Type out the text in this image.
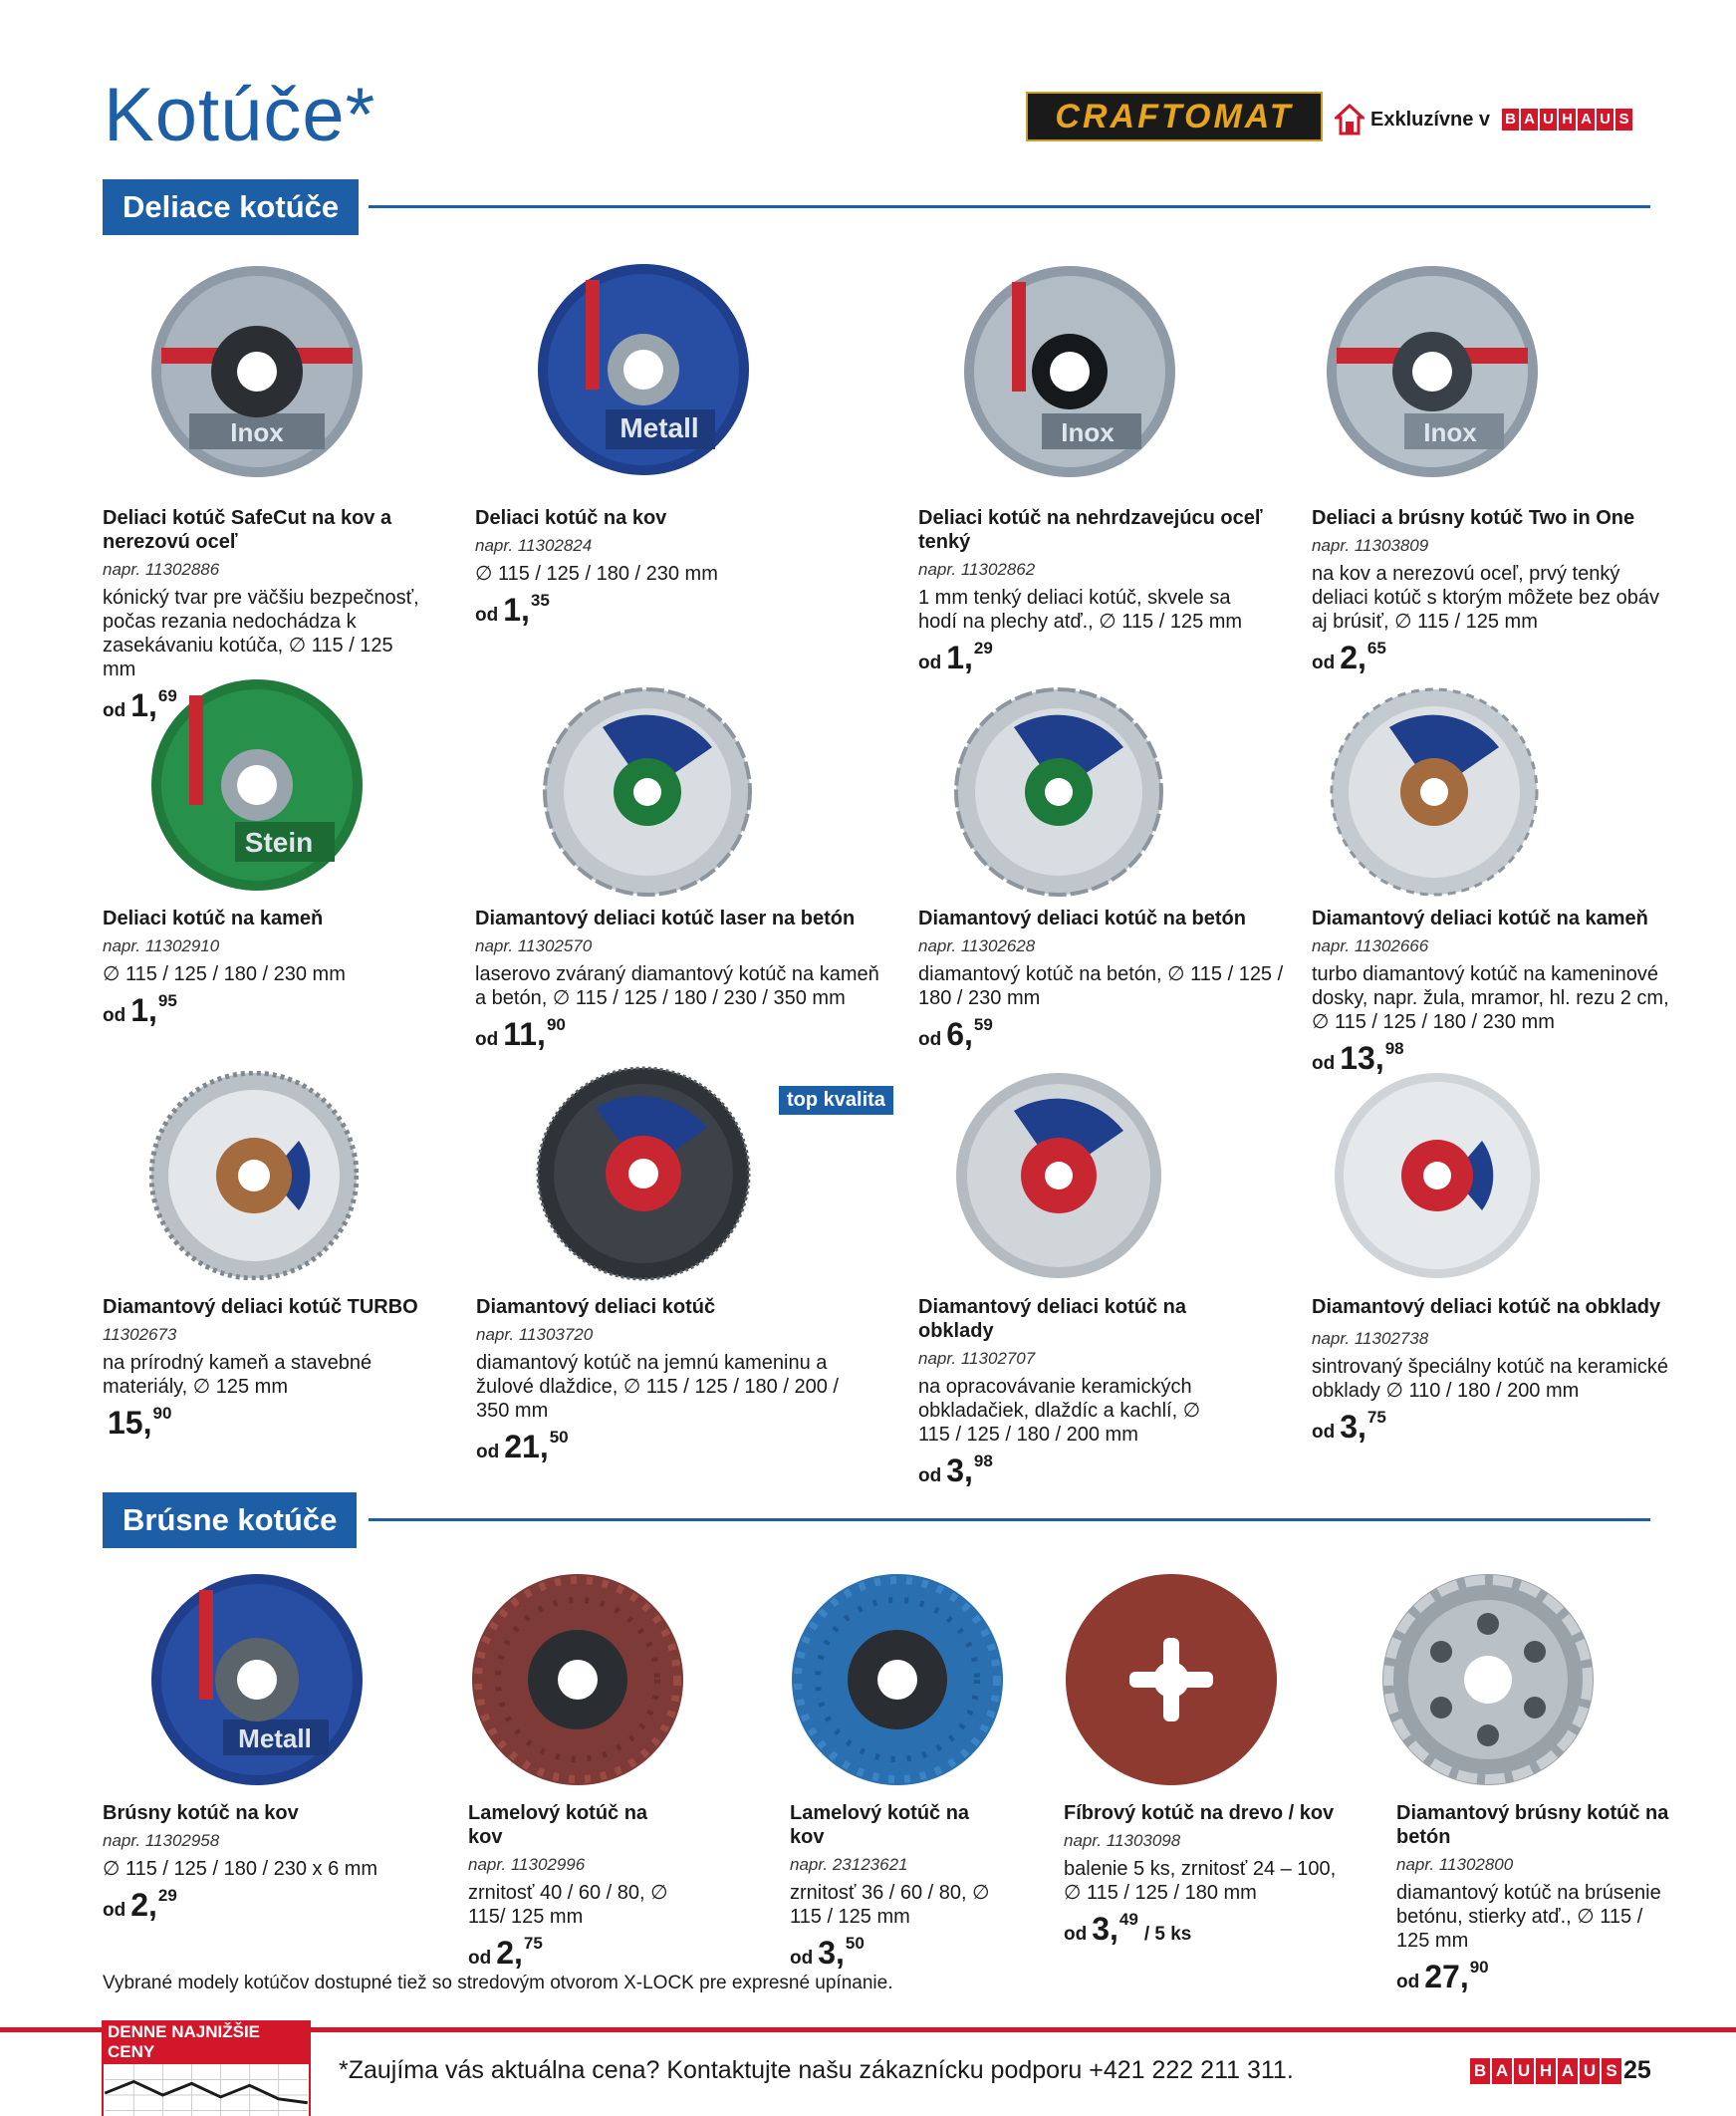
Kotúče*	CRAFTOMAT	Exkluzívne v B A U H A U S
Deliace kotúče
Inox	Metall	Inox	Inox
Stein
top kvalita
Deliaci kotúč SafeCut na kov a nerezovú oceľ
napr. 11302886
kónický tvar pre väčšiu bezpečnosť, počas rezania nedochádza k zasekávaniu kotúča, ∅ 115 / 125 mm
od 1, 69
Deliaci kotúč na kov
napr. 11302824
∅ 115 / 125 / 180 / 230 mm
od 1, 35
Deliaci kotúč na nehrdzavejúcu oceľ tenký
napr. 11302862
1 mm tenký deliaci kotúč, skvele sa hodí na plechy atď., ∅ 115 / 125 mm
od 1, 29
Deliaci a brúsny kotúč Two in One
napr. 11303809
na kov a nerezovú oceľ, prvý tenký deliaci kotúč s ktorým môžete bez obáv aj brúsiť, ∅ 115 / 125 mm
od 2, 65
Deliaci kotúč na kameň
napr. 11302910
∅ 115 / 125 / 180 / 230 mm
od 1, 95
Diamantový deliaci kotúč laser na betón
napr. 11302570
laserovo zváraný diamantový kotúč na kameň a betón, ∅ 115 / 125 / 180 / 230 / 350 mm
od 11, 90
Diamantový deliaci kotúč na betón
napr. 11302628
diamantový kotúč na betón, ∅ 115 / 125 / 180 / 230 mm
od 6, 59
Diamantový deliaci kotúč na kameň
napr. 11302666
turbo diamantový kotúč na kameninové dosky, napr. žula, mramor, hl. rezu 2 cm, ∅ 115 / 125 / 180 / 230 mm
od 13, 98
Diamantový deliaci kotúč TURBO
11302673
na prírodný kameň a stavebné materiály, ∅ 125 mm
15, 90
Diamantový deliaci kotúč
napr. 11303720
diamantový kotúč na jemnú kameninu a žulové dlaždice, ∅ 115 / 125 / 180 / 200 / 350 mm
od 21, 50
Diamantový deliaci kotúč na obklady
napr. 11302707
na opracovávanie keramických obkladačiek, dlaždíc a kachlí, ∅ 115 / 125 / 180 / 200 mm
od 3, 98
Diamantový deliaci kotúč na obklady
napr. 11302738
sintrovaný špeciálny kotúč na keramické obklady ∅ 110 / 180 / 200 mm
od 3, 75
Brúsne kotúče
Metall
Brúsny kotúč na kov
napr. 11302958
∅ 115 / 125 / 180 / 230 x 6 mm
od 2, 29
Lamelový kotúč na kov
napr. 11302996
zrnitosť 40 / 60 / 80, ∅ 115/ 125 mm
od 2, 75
Lamelový kotúč na kov
napr. 23123621
zrnitosť 36 / 60 / 80, ∅ 115 / 125 mm
od 3, 50
Fíbrový kotúč na drevo / kov
napr. 11303098
balenie 5 ks, zrnitosť 24 – 100, ∅ 115 / 125 / 180 mm
od 3, 49
/ 5 ks
Diamantový brúsny kotúč na betón
napr. 11302800
diamantový kotúč na brúsenie betónu, stierky atď., ∅ 115 / 125 mm
od 27, 90
Vybrané modely kotúčov dostupné tiež so stredovým otvorom X-LOCK pre expresné upínanie.
DENNE NAJNIŽŠIE CENY
*Zaujíma vás aktuálna cena? Kontaktujte našu zákaznícku podporu +421 222 211 311.	B A U H A U S 25
